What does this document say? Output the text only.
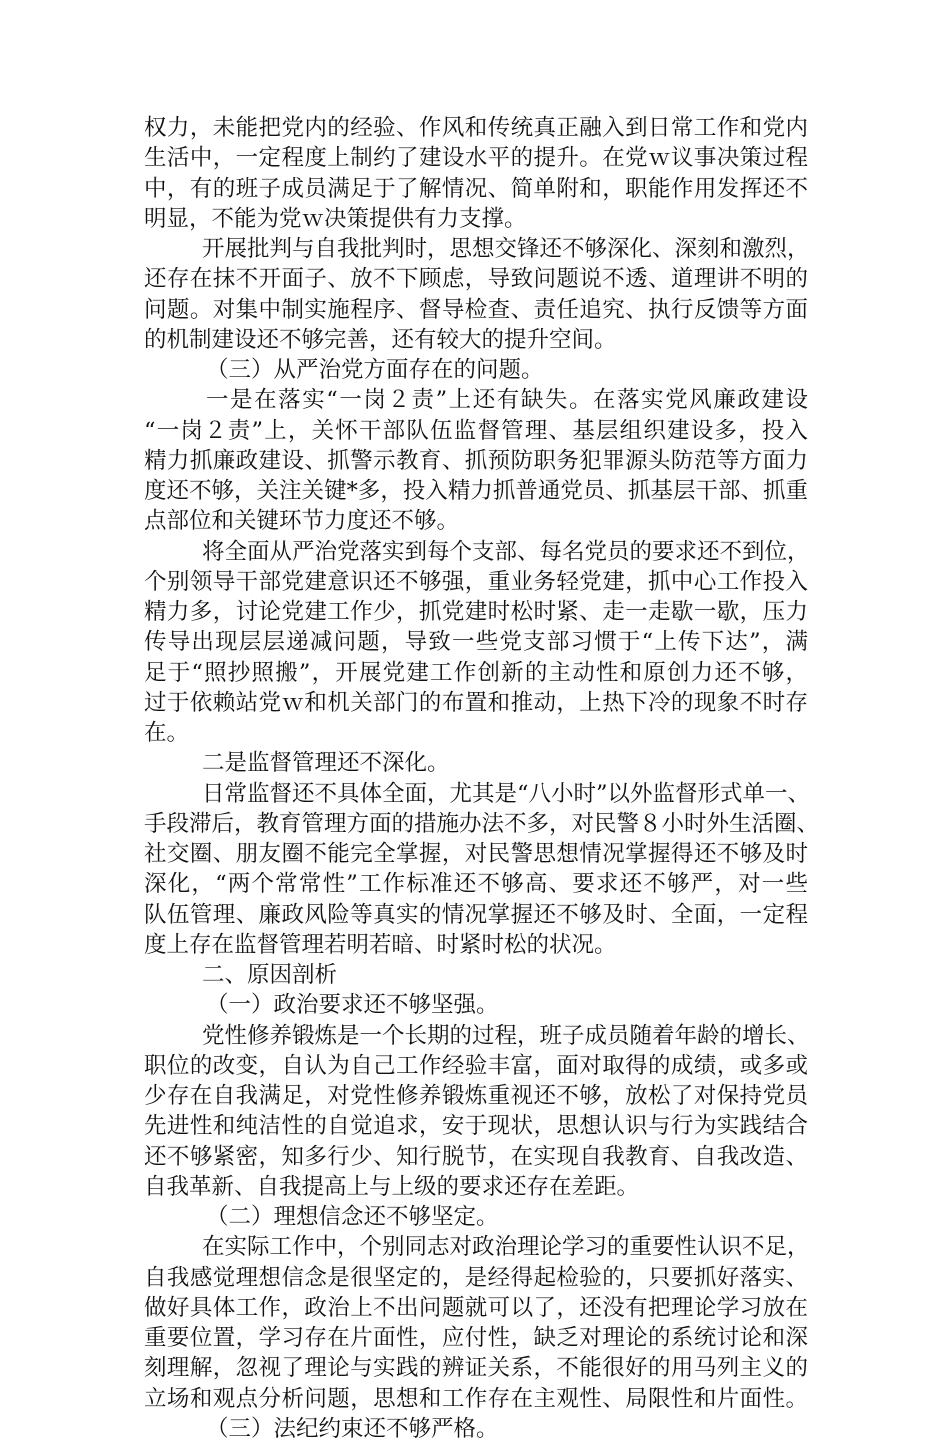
权力，未能把党内的经验、作风和传统真正融入到日常工作和党内
生活中，一定程度上制约了建设水平的提升。在党ｗ议事决策过程
中，有的班子成员满足于了解情况、简单附和，职能作用发挥还不
明显，不能为党ｗ决策提供有力支撑。
开展批判与自我批判时，思想交锋还不够深化、深刻和激烈，
还存在抹不开面子、放不下顾虑，导致问题说不透、道理讲不明的
问题。对集中制实施程序、督导检查、责任追究、执行反馈等方面
的机制建设还不够完善，还有较大的提升空间。
（三）从严治党方面存在的问题。
一是在落实“一岗２责”上还有缺失。在落实党风廉政建设
“一岗２责”上，关怀干部队伍监督管理、基层组织建设多，投入
精力抓廉政建设、抓警示教育、抓预防职务犯罪源头防范等方面力
度还不够，关注关键*多，投入精力抓普通党员、抓基层干部、抓重
点部位和关键环节力度还不够。
将全面从严治党落实到每个支部、每名党员的要求还不到位，
个别领导干部党建意识还不够强，重业务轻党建，抓中心工作投入
精力多，讨论党建工作少，抓党建时松时紧、走一走歇一歇，压力
传导出现层层递减问题，导致一些党支部习惯于“上传下达”，满
足于“照抄照搬”，开展党建工作创新的主动性和原创力还不够，
过于依赖站党ｗ和机关部门的布置和推动，上热下冷的现象不时存
在。
二是监督管理还不深化。
日常监督还不具体全面，尤其是“八小时”以外监督形式单一、
手段滞后，教育管理方面的措施办法不多，对民警８小时外生活圈、
社交圈、朋友圈不能完全掌握，对民警思想情况掌握得还不够及时
深化，“两个常常性”工作标准还不够高、要求还不够严，对一些
队伍管理、廉政风险等真实的情况掌握还不够及时、全面，一定程
度上存在监督管理若明若暗、时紧时松的状况。
二、原因剖析
（一）政治要求还不够坚强。
党性修养锻炼是一个长期的过程，班子成员随着年龄的增长、
职位的改变，自认为自己工作经验丰富，面对取得的成绩，或多或
少存在自我满足，对党性修养锻炼重视还不够，放松了对保持党员
先进性和纯洁性的自觉追求，安于现状，思想认识与行为实践结合
还不够紧密，知多行少、知行脱节，在实现自我教育、自我改造、
自我革新、自我提高上与上级的要求还存在差距。
（二）理想信念还不够坚定。
在实际工作中，个别同志对政治理论学习的重要性认识不足，
自我感觉理想信念是很坚定的，是经得起检验的，只要抓好落实、
做好具体工作，政治上不出问题就可以了，还没有把理论学习放在
重要位置，学习存在片面性，应付性，缺乏对理论的系统讨论和深
刻理解，忽视了理论与实践的辨证关系，不能很好的用马列主义的
立场和观点分析问题，思想和工作存在主观性、局限性和片面性。
（三）法纪约束还不够严格。
